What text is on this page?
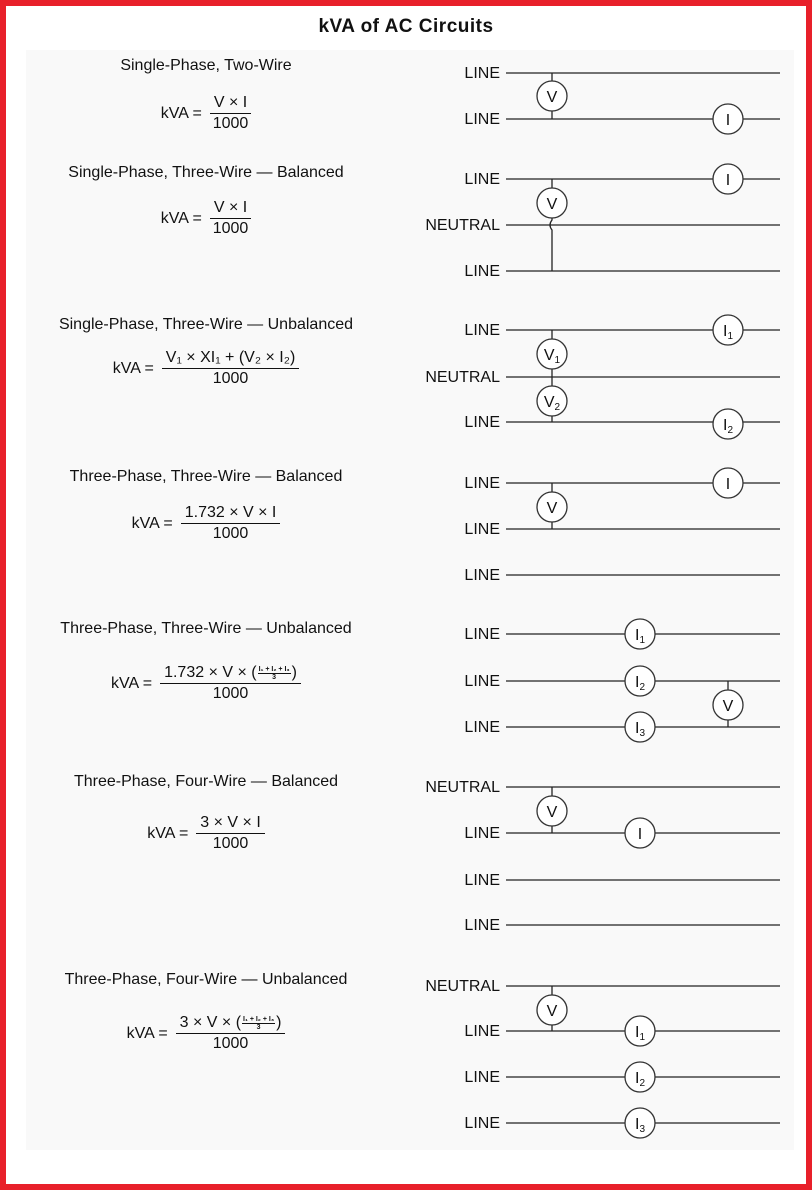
kVA of AC Circuits
LINE
LINE
V
I
LINE
NEUTRAL
LINE
I
V
LINE
NEUTRAL
LINE
I1
V1
V2
I2
LINE
LINE
LINE
I
V
LINE
LINE
LINE
I1
I2
I3
V
NEUTRAL
LINE
LINE
LINE
V
I
NEUTRAL
LINE
LINE
LINE
V
I1
I2
I3
Single-Phase, Two-Wire
kVA = $\frac{V \times I}{1000}$
Single-Phase, Three-Wire — Balanced
kVA = $\frac{V \times I}{1000}$
Single-Phase, Three-Wire — Unbalanced
kVA = $\frac{\text{V₁ × XI₁ + (V₂ × I₂)}}{1000}$
Three-Phase, Three-Wire — Balanced
kVA = $\frac{1.732 \times V \times I}{1000}$
Three-Phase, Three-Wire — Unbalanced
kVA = $\frac{1.732 \times V \times ( \frac{\text{I₁ + I₂ + I₃}}{3} )}{1000}$
Three-Phase, Four-Wire — Balanced
kVA = $\frac{3 \times V \times I}{1000}$
Three-Phase, Four-Wire — Unbalanced
kVA = $\frac{3 \times V \times ( \frac{\text{I₁ + I₂ + I₃}}{3} )}{1000}$
